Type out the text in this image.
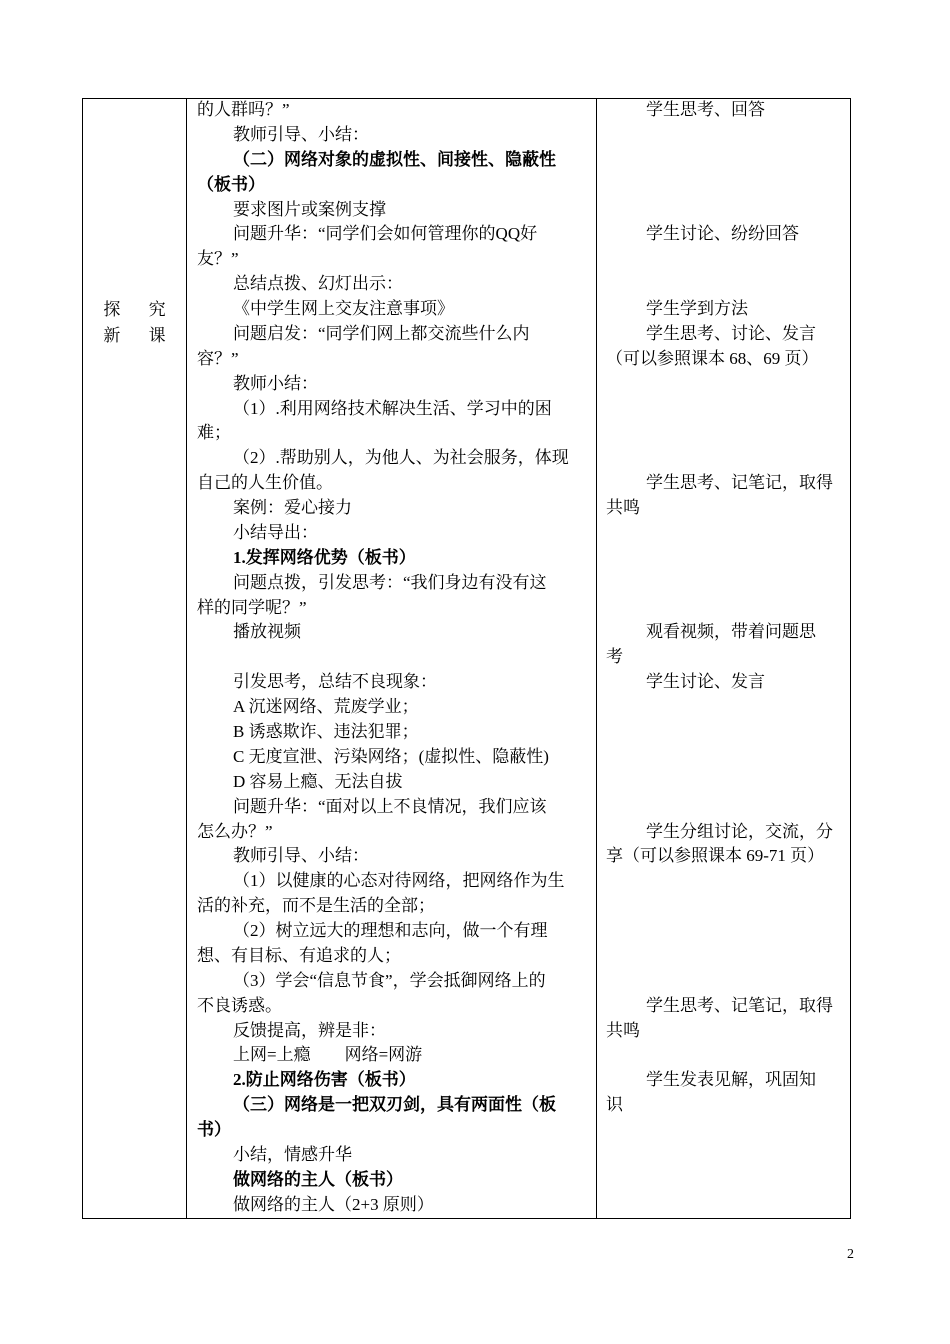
探 究
新 课
的人群吗？”
教师引导、小结：
（二）网络对象的虚拟性、间接性、隐蔽性
（板书）
要求图片或案例支撑
问题升华：“同学们会如何管理你的QQ好
友？”
总结点拨、幻灯出示：
《中学生网上交友注意事项》
问题启发：“同学们网上都交流些什么内
容？”
教师小结：
（1）.利用网络技术解决生活、学习中的困
难；
（2）.帮助别人，为他人、为社会服务，体现
自己的人生价值。
案例：爱心接力
小结导出：
1.发挥网络优势（板书）
问题点拨，引发思考：“我们身边有没有这
样的同学呢？”
播放视频
引发思考，总结不良现象：
A 沉迷网络、荒废学业；
B 诱惑欺诈、违法犯罪；
C 无度宣泄、污染网络；(虚拟性、隐蔽性)
D 容易上瘾、无法自拔
问题升华：“面对以上不良情况，我们应该
怎么办？”
教师引导、小结：
（1）以健康的心态对待网络，把网络作为生
活的补充，而不是生活的全部；
（2）树立远大的理想和志向，做一个有理
想、有目标、有追求的人；
（3）学会“信息节食”，学会抵御网络上的
不良诱惑。
反馈提高，辨是非：
上网=上瘾　　网络=网游
2.防止网络伤害（板书）
（三）网络是一把双刃剑，具有两面性（板
书）
小结，情感升华
做网络的主人（板书）
做网络的主人（2+3 原则）
学生思考、回答
学生讨论、纷纷回答
学生学到方法
学生思考、讨论、发言
（可以参照课本 68、69 页）
学生思考、记笔记，取得
共鸣
观看视频，带着问题思
考
学生讨论、发言
学生分组讨论，交流，分
享（可以参照课本 69-71 页）
学生思考、记笔记，取得
共鸣
学生发表见解，巩固知
识
2
